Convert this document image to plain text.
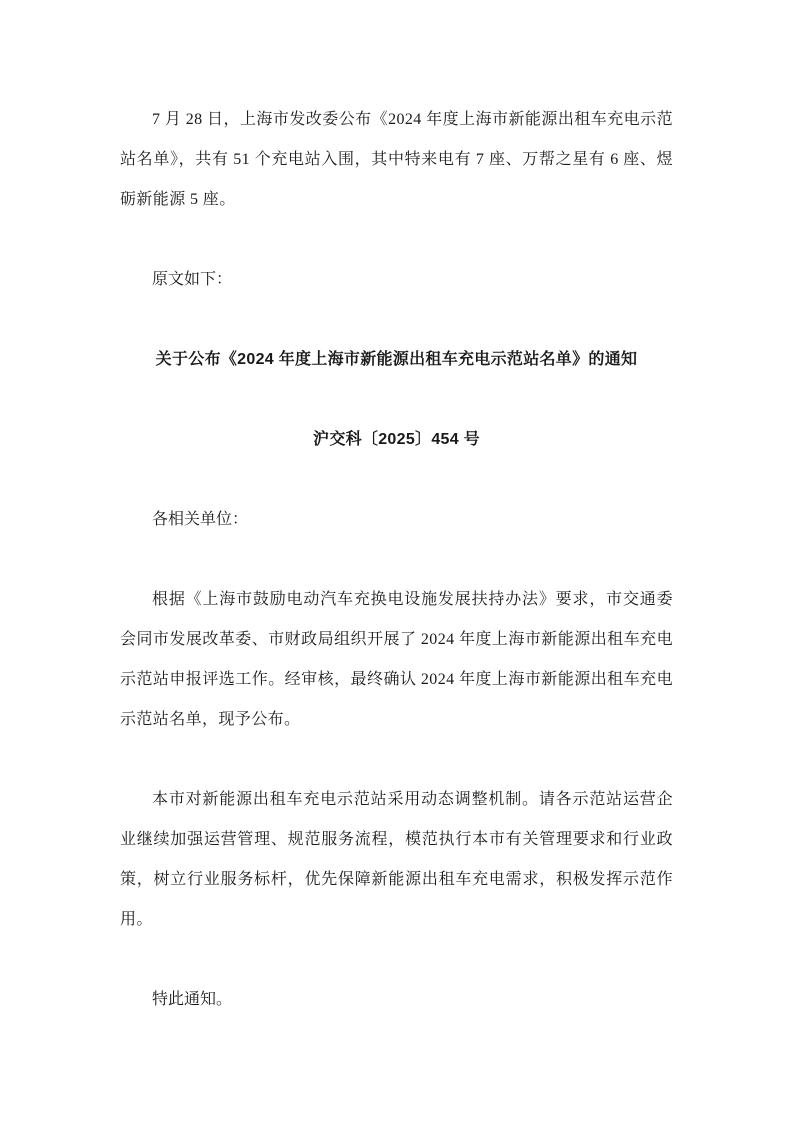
7 月 28 日，上海市发改委公布《2024 年度上海市新能源出租车充电示范站名单》，共有 51 个充电站入围，其中特来电有 7 座、万帮之星有 6 座、煜砺新能源 5 座。

原文如下：

关于公布《2024 年度上海市新能源出租车充电示范站名单》的通知

沪交科〔2025〕454 号

各相关单位：

根据《上海市鼓励电动汽车充换电设施发展扶持办法》要求，市交通委会同市发展改革委、市财政局组织开展了 2024 年度上海市新能源出租车充电示范站申报评选工作。经审核，最终确认 2024 年度上海市新能源出租车充电示范站名单，现予公布。

本市对新能源出租车充电示范站采用动态调整机制。请各示范站运营企业继续加强运营管理、规范服务流程，模范执行本市有关管理要求和行业政策，树立行业服务标杆，优先保障新能源出租车充电需求，积极发挥示范作用。

特此通知。
